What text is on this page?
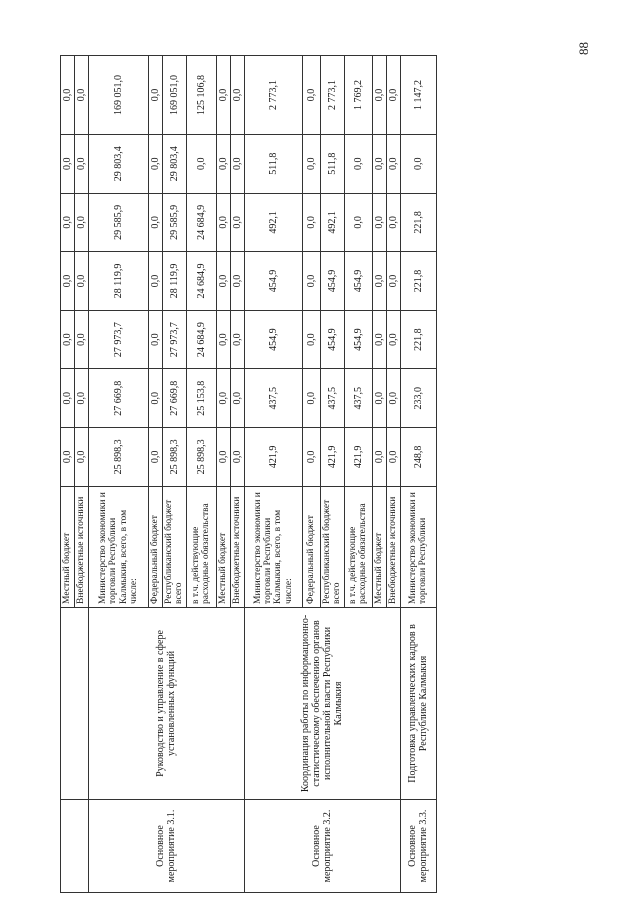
88
		Местный бюджет	0,0	0,0	0,0	0,0	0,0	0,0	0,0
		Внебюджетные источники	0,0	0,0	0,0	0,0	0,0	0,0	0,0
Основное мероприятие 3.1.	Руководство и управление в сфере установленных функций	Министерство экономики и торговли Республики Калмыкия, всего, в том числе:	25 898,3	27 669,8	27 973,7	28 119,9	29 585,9	29 803,4	169 051,0
		Федеральный бюджет	0,0	0,0	0,0	0,0	0,0	0,0	0,0
		Республиканский бюджет всего	25 898,3	27 669,8	27 973,7	28 119,9	29 585,9	29 803,4	169 051,0
		в т.ч. действующие расходные обязательства	25 898,3	25 153,8	24 684,9	24 684,9	24 684,9	0,0	125 106,8
		Местный бюджет	0,0	0,0	0,0	0,0	0,0	0,0	0,0
		Внебюджетные источники	0,0	0,0	0,0	0,0	0,0	0,0	0,0
Основное мероприятие 3.2.	Координация работы по информационно-статистическому обеспечению органов исполнительной власти Республики Калмыкия	Министерство экономики и торговли Республики Калмыкия, всего, в том числе:	421,9	437,5	454,9	454,9	492,1	511,8	2 773,1
		Федеральный бюджет	0,0	0,0	0,0	0,0	0,0	0,0	0,0
		Республиканский бюджет всего	421,9	437,5	454,9	454,9	492,1	511,8	2 773,1
		в т.ч. действующие расходные обязательства	421,9	437,5	454,9	454,9	0,0	0,0	1 769,2
		Местный бюджет	0,0	0,0	0,0	0,0	0,0	0,0	0,0
		Внебюджетные источники	0,0	0,0	0,0	0,0	0,0	0,0	0,0
Основное мероприятие 3.3.	Подготовка управленческих кадров в Республике Калмыкия	Министерство экономики и торговли Республики	248,8	233,0	221,8	221,8	221,8	0,0	1 147,2
